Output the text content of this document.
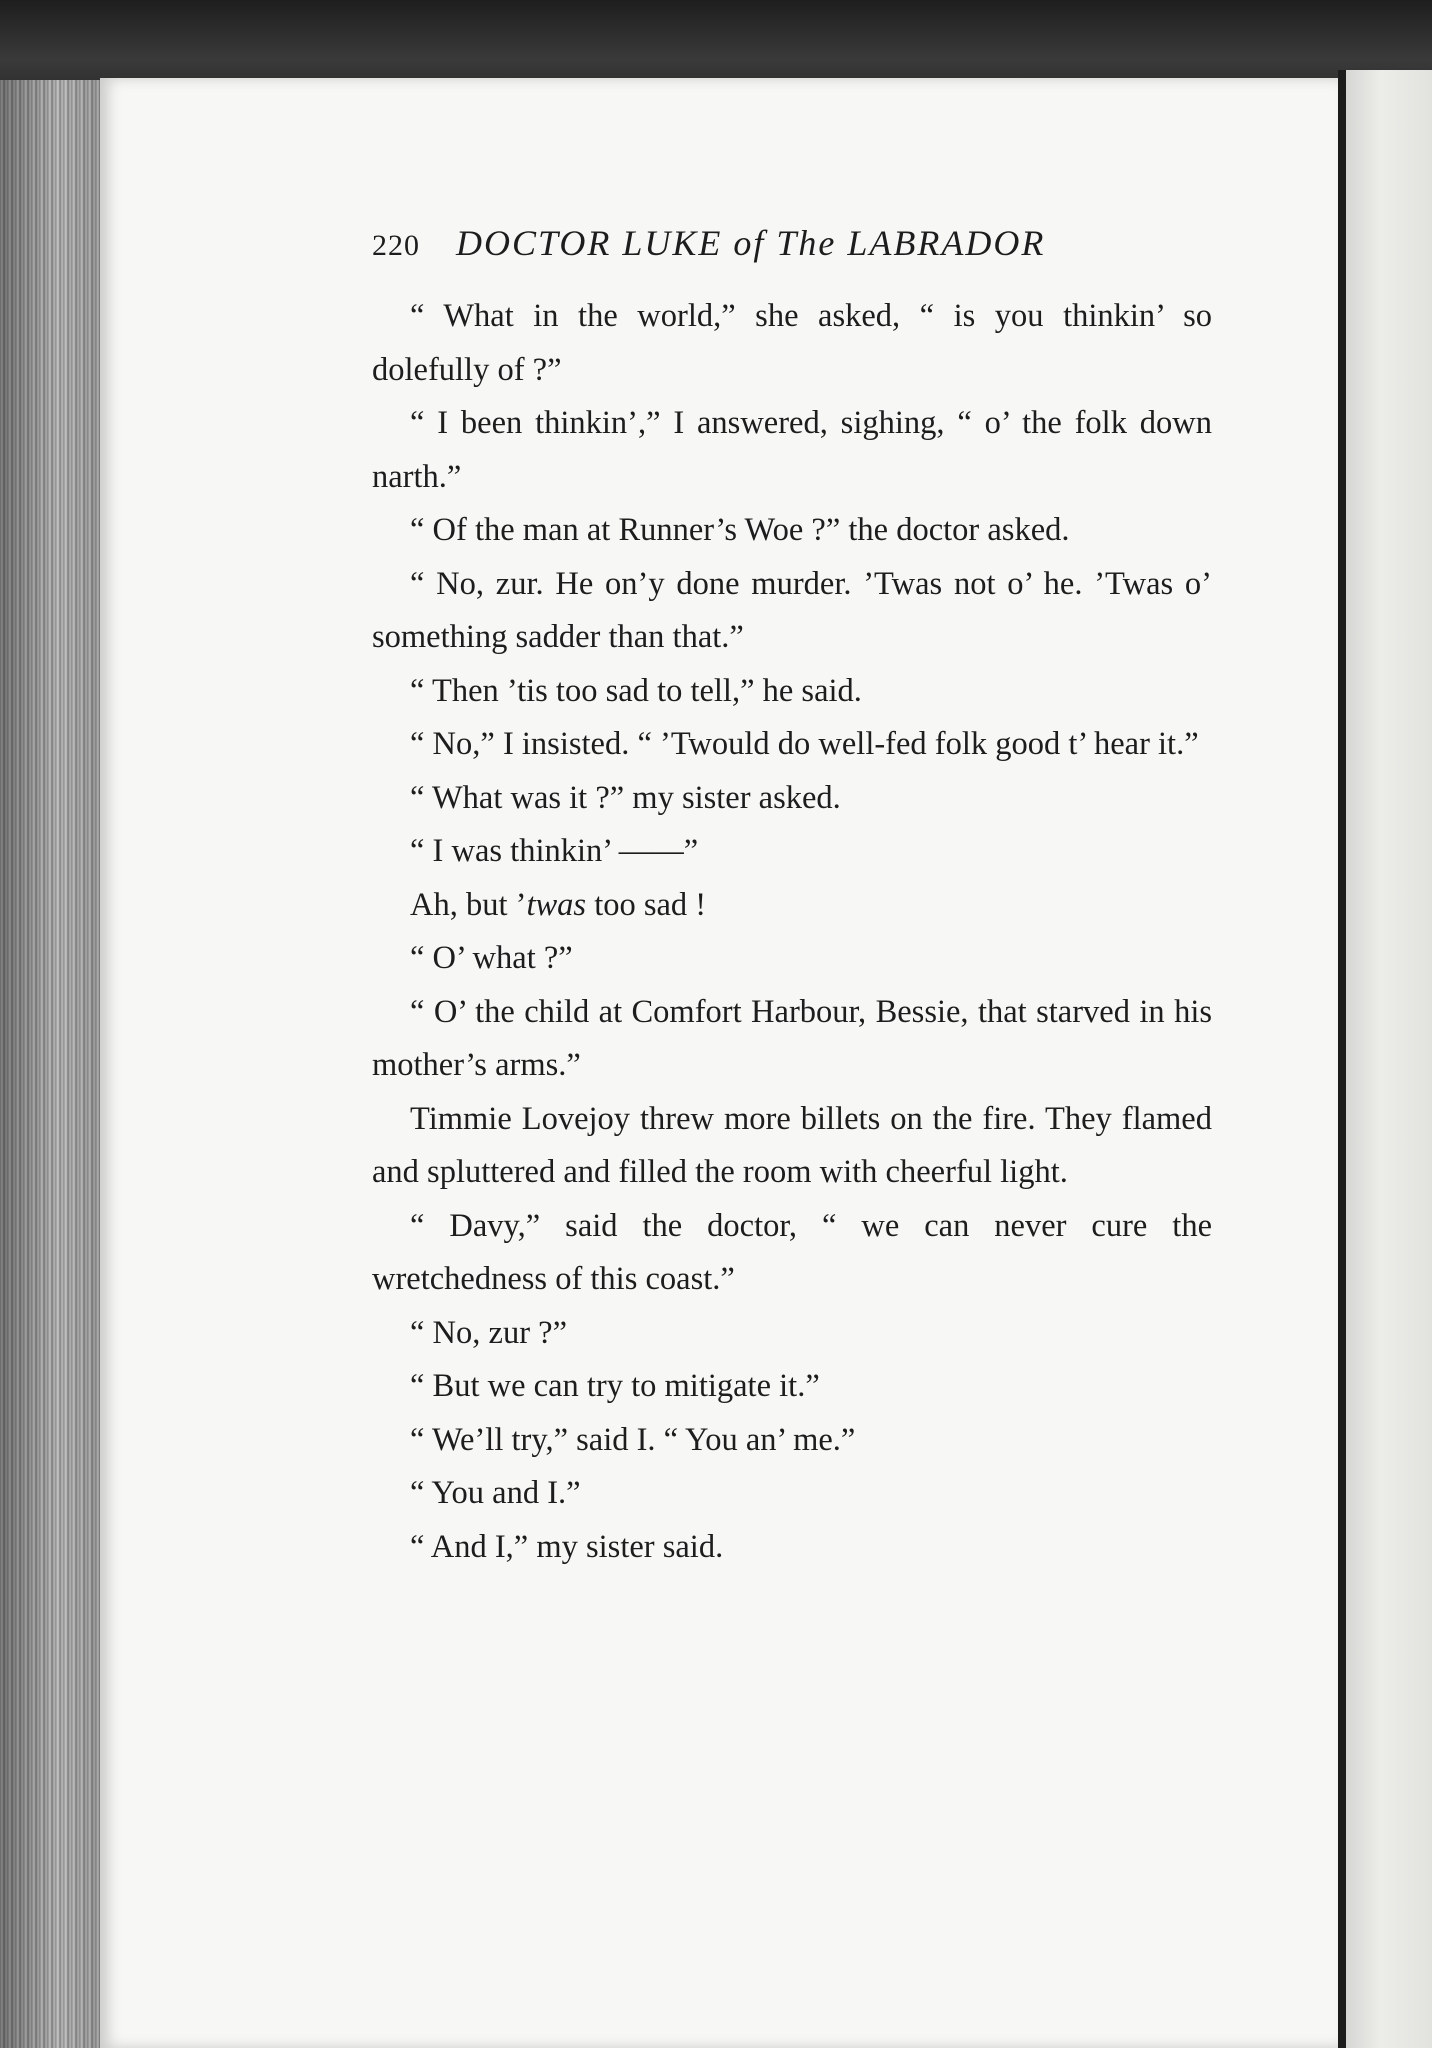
220 DOCTOR LUKE of The LABRADOR

“ What in the world,” she asked, “ is you thinkin’ so dolefully of ?”

“ I been thinkin’,” I answered, sighing, “ o’ the folk down narth.”

“ Of the man at Runner’s Woe ?” the doctor asked.

“ No, zur. He on’y done murder. ’Twas not o’ he. ’Twas o’ something sadder than that.”

“ Then ’tis too sad to tell,” he said.

“ No,” I insisted. “ ’Twould do well-fed folk good t’ hear it.”

“ What was it ?” my sister asked.

“ I was thinkin’ ——”

Ah, but ’twas too sad !

“ O’ what ?”

“ O’ the child at Comfort Harbour, Bessie, that starved in his mother’s arms.”

Timmie Lovejoy threw more billets on the fire. They flamed and spluttered and filled the room with cheerful light.

“ Davy,” said the doctor, “ we can never cure the wretchedness of this coast.”

“ No, zur ?”

“ But we can try to mitigate it.”

“ We’ll try,” said I. “ You an’ me.”

“ You and I.”

“ And I,” my sister said.
